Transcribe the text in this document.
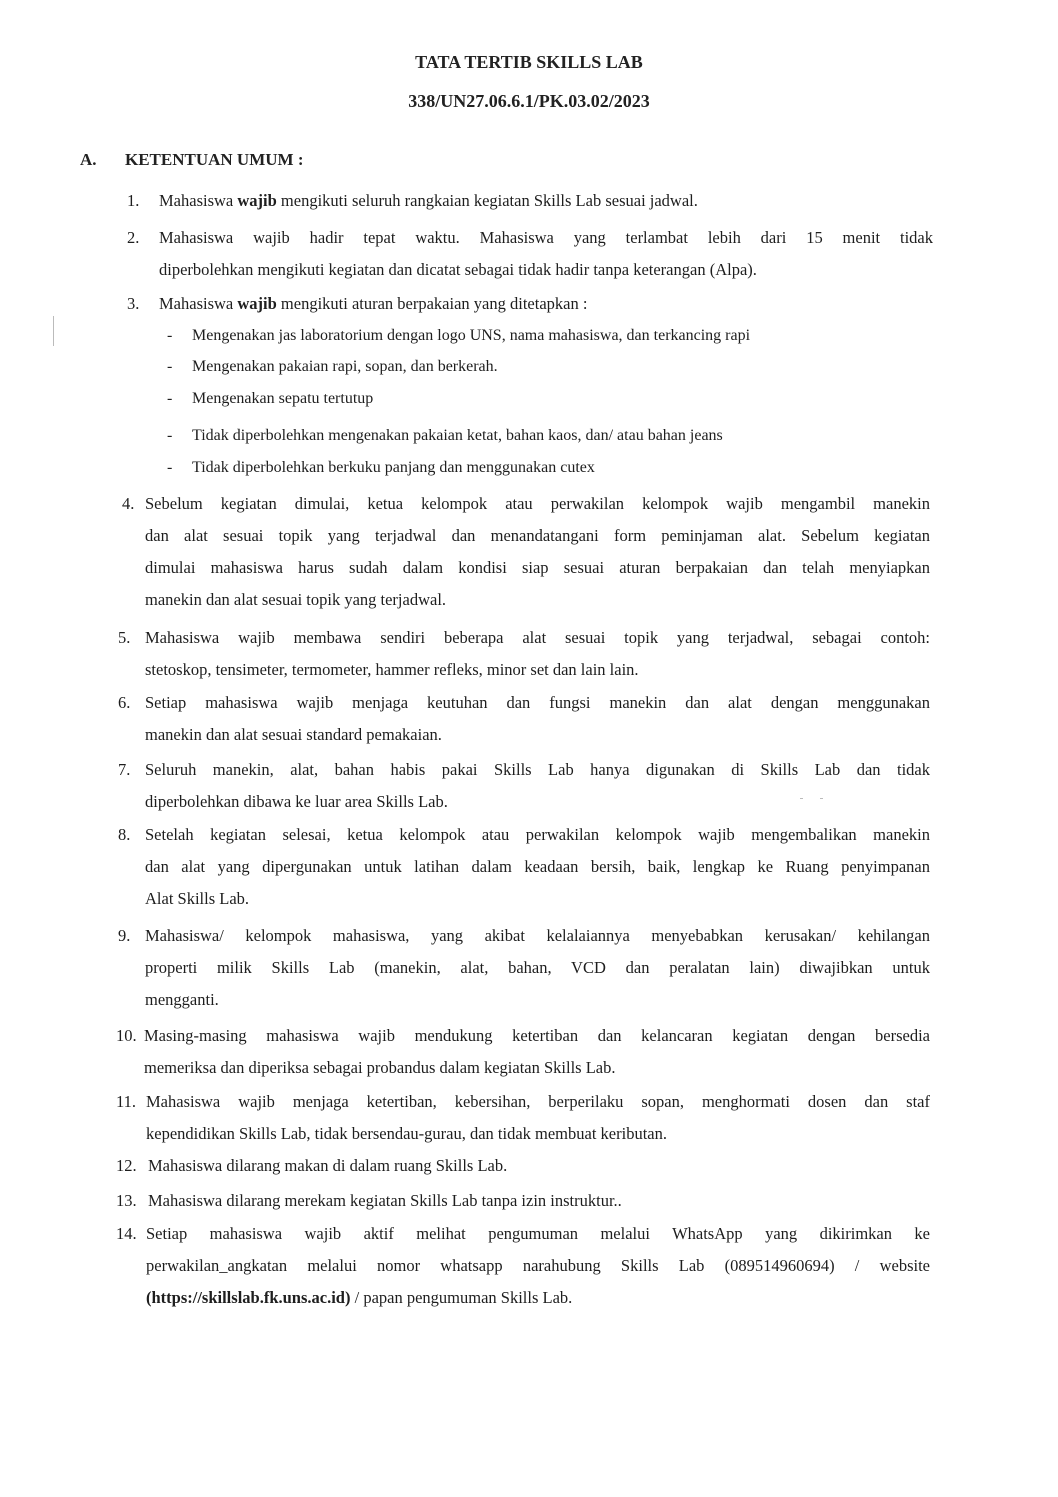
TATA TERTIB SKILLS LAB
338/UN27.06.6.1/PK.03.02/2023
A. KETENTUAN UMUM :
1. Mahasiswa wajib mengikuti seluruh rangkaian kegiatan Skills Lab sesuai jadwal.
2. Mahasiswa wajib hadir tepat waktu. Mahasiswa yang terlambat lebih dari 15 menit tidak
diperbolehkan mengikuti kegiatan dan dicatat sebagai tidak hadir tanpa keterangan (Alpa).
3. Mahasiswa wajib mengikuti aturan berpakaian yang ditetapkan :
- Mengenakan jas laboratorium dengan logo UNS, nama mahasiswa, dan terkancing rapi
- Mengenakan pakaian rapi, sopan, dan berkerah.
- Mengenakan sepatu tertutup
- Tidak diperbolehkan mengenakan pakaian ketat, bahan kaos, dan/ atau bahan jeans
- Tidak diperbolehkan berkuku panjang dan menggunakan cutex
4. Sebelum kegiatan dimulai, ketua kelompok atau perwakilan kelompok wajib mengambil manekin
dan alat sesuai topik yang terjadwal dan menandatangani form peminjaman alat. Sebelum kegiatan
dimulai mahasiswa harus sudah dalam kondisi siap sesuai aturan berpakaian dan telah menyiapkan
manekin dan alat sesuai topik yang terjadwal.
5. Mahasiswa wajib membawa sendiri beberapa alat sesuai topik yang terjadwal, sebagai contoh:
stetoskop, tensimeter, termometer, hammer refleks, minor set dan lain lain.
6. Setiap mahasiswa wajib menjaga keutuhan dan fungsi manekin dan alat dengan menggunakan
manekin dan alat sesuai standard pemakaian.
7. Seluruh manekin, alat, bahan habis pakai Skills Lab hanya digunakan di Skills Lab dan tidak
diperbolehkan dibawa ke luar area Skills Lab.
8. Setelah kegiatan selesai, ketua kelompok atau perwakilan kelompok wajib mengembalikan manekin
dan alat yang dipergunakan untuk latihan dalam keadaan bersih, baik, lengkap ke Ruang penyimpanan
Alat Skills Lab.
9. Mahasiswa/ kelompok mahasiswa, yang akibat kelalaiannya menyebabkan kerusakan/ kehilangan
properti milik Skills Lab (manekin, alat, bahan, VCD dan peralatan lain) diwajibkan untuk
mengganti.
10. Masing-masing mahasiswa wajib mendukung ketertiban dan kelancaran kegiatan dengan bersedia
memeriksa dan diperiksa sebagai probandus dalam kegiatan Skills Lab.
11. Mahasiswa wajib menjaga ketertiban, kebersihan, berperilaku sopan, menghormati dosen dan staf
kependidikan Skills Lab, tidak bersendau-gurau, dan tidak membuat keributan.
12. Mahasiswa dilarang makan di dalam ruang Skills Lab.
13. Mahasiswa dilarang merekam kegiatan Skills Lab tanpa izin instruktur..
14. Setiap mahasiswa wajib aktif melihat pengumuman melalui WhatsApp yang dikirimkan ke
perwakilan_angkatan melalui nomor whatsapp narahubung Skills Lab (089514960694) / website
(https://skillslab.fk.uns.ac.id) / papan pengumuman Skills Lab.
